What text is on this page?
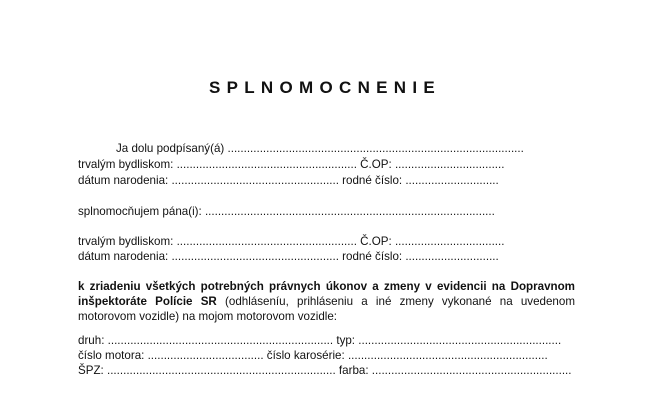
SPLNOMOCNENIE
Ja dolu podpísaný(á) ............................................................................................
trvalým bydliskom: ........................................................ Č.OP: ..................................
dátum narodenia: .................................................... rodné číslo: .............................
splnomocňujem pána(i): ..........................................................................................
trvalým bydliskom: ........................................................ Č.OP: ..................................
dátum narodenia: .................................................... rodné číslo: .............................
k zriadeniu všetkých potrebných právnych úkonov a zmeny v evidencii na Dopravnom inšpektoráte Polície SR (odhláseníu, prihláseniu a iné zmeny vykonané na uvedenom motorovom vozidle) na mojom motorovom vozidle:
druh: ...................................................................... typ: ...............................................................
číslo motora: .................................... číslo karosérie: ..............................................................
ŠPZ: ....................................................................... farba: ..............................................................
